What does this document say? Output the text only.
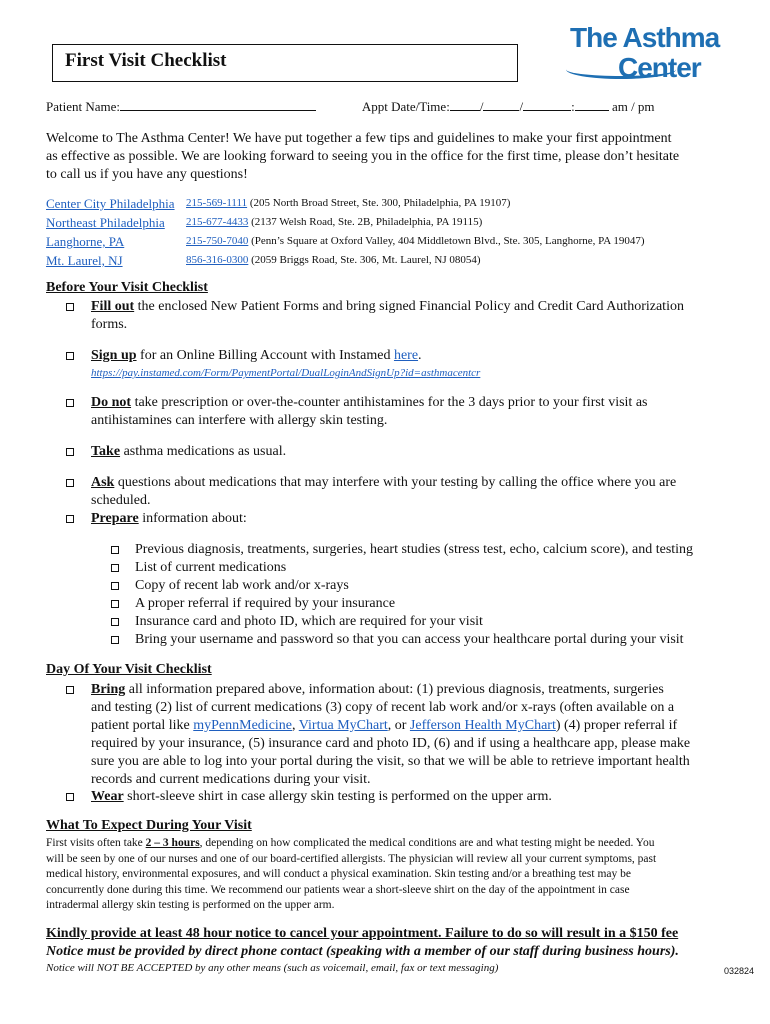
First Visit Checklist
The Asthma
Center
Patient Name:	Appt Date/Time: /	/	:	am / pm
Welcome to The Asthma Center! We have put together a few tips and guidelines to make your first appointment
as effective as possible. We are looking forward to seeing you in the office for the first time, please don’t hesitate
to call us if you have any questions!
Center City Philadelphia 215-569-1111 (205 North Broad Street, Ste. 300, Philadelphia, PA 19107)
Northeast Philadelphia 215-677-4433 (2137 Welsh Road, Ste. 2B, Philadelphia, PA 19115)
Langhorne, PA	215-750-7040 (Penn’s Square at Oxford Valley, 404 Middletown Blvd., Ste. 305, Langhorne, PA 19047)
Mt. Laurel, NJ	856-316-0300 (2059 Briggs Road, Ste. 306, Mt. Laurel, NJ 08054)
Before Your Visit Checklist
Fill out the enclosed New Patient Forms and bring signed Financial Policy and Credit Card Authorization
forms.
Sign up for an Online Billing Account with Instamed here.
https://pay.instamed.com/Form/PaymentPortal/DualLoginAndSignUp?id=asthmacentcr
Do not take prescription or over-the-counter antihistamines for the 3 days prior to your first visit as
antihistamines can interfere with allergy skin testing.
Take asthma medications as usual.
Ask questions about medications that may interfere with your testing by calling the office where you are
scheduled.
Prepare information about:
Previous diagnosis, treatments, surgeries, heart studies (stress test, echo, calcium score), and testing
List of current medications
Copy of recent lab work and/or x-rays
A proper referral if required by your insurance
Insurance card and photo ID, which are required for your visit
Bring your username and password so that you can access your healthcare portal during your visit
Day Of Your Visit Checklist
Bring all information prepared above, information about: (1) previous diagnosis, treatments, surgeries
and testing (2) list of current medications (3) copy of recent lab work and/or x-rays (often available on a
patient portal like myPennMedicine, Virtua MyChart, or Jefferson Health MyChart) (4) proper referral if
required by your insurance, (5) insurance card and photo ID, (6) and if using a healthcare app, please make
sure you are able to log into your portal during the visit, so that we will be able to retrieve important health
records and current medications during your visit.
Wear short-sleeve shirt in case allergy skin testing is performed on the upper arm.
What To Expect During Your Visit
First visits often take 2 – 3 hours, depending on how complicated the medical conditions are and what testing might be needed. You
will be seen by one of our nurses and one of our board-certified allergists. The physician will review all your current symptoms, past
medical history, environmental exposures, and will conduct a physical examination. Skin testing and/or a breathing test may be
concurrently done during this time. We recommend our patients wear a short-sleeve shirt on the day of the appointment in case
intradermal allergy skin testing is performed on the upper arm.
Kindly provide at least 48 hour notice to cancel your appointment. Failure to do so will result in a $150 fee
Notice must be provided by direct phone contact (speaking with a member of our staff during business hours).
Notice will NOT BE ACCEPTED by any other means (such as voicemail, email, fax or text messaging)	032824
